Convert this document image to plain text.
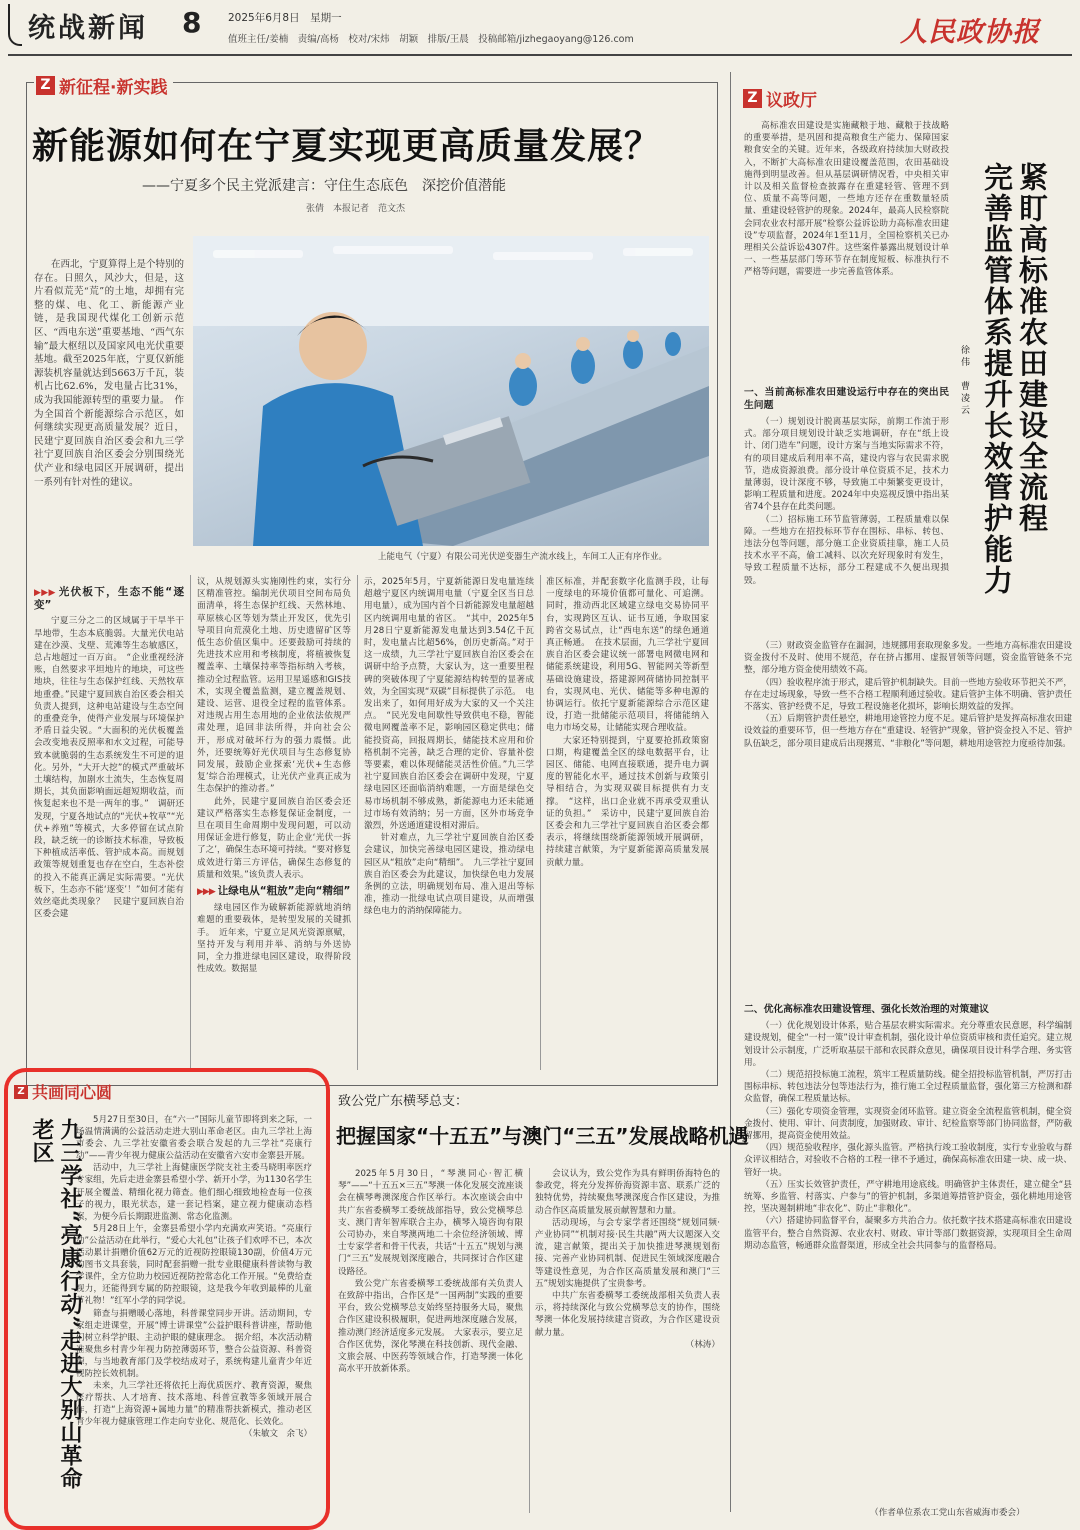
统战新闻 8	2025年6月8日　 星期一
值班主任/姜楠　责编/高杨　校对/宋炜　胡颖　排版/王晨　投稿邮箱/jizhegaoyang@126.com	人民政协报
Z 新征程·新实践
新能源如何在宁夏实现更高质量发展？
——宁夏多个民主党派建言：守住生态底色　深挖价值潜能
张倩　本报记者　范文杰

在西北，宁夏算得上是个特别的存在。日照久，风沙大，但是，这片看似荒芜“荒”的土地，却拥有完整的煤、电、化工、新能源产业链，是我国现代煤化工创新示范区、“西电东送”重要基地、“西气东输”最大枢纽以及国家风电光伏重要基地。截至2025年底，宁夏仅新能源装机容量就达到5663万千瓦，装机占比62.6%，发电量占比31%，成为我国能源转型的重要力量。　作为全国首个新能源综合示范区，如何继续实现更高质量发展？近日，民建宁夏回族自治区委会和九三学社宁夏回族自治区委会分别围绕光伏产业和绿电园区开展调研，提出一系列有针对性的建议。

上能电气（宁夏）有限公司光伏逆变器生产流水线上，车间工人正有序作业。
▶▶▶ 光伏板下，生态不能“逐变”

宁夏三分之二的区域属于干旱半干旱地带，生态本底脆弱。大量光伏电站建在沙漠、戈壁、荒滩等生态敏感区，总占地超过一百万亩。　“企业重视经济账，自然要求平坦地片的地块，可这些地块，往往与生态保护红线、天然牧草地重叠。”民建宁夏回族自治区委会相关负责人提到，这种电站建设与生态空间的重叠竞争，使得产业发展与环境保护矛盾日益尖锐。“大面积的光伏板覆盖会改变地表反照率和水文过程，可能导致本就脆弱的生态系统发生不可逆的退化。另外，“大开大挖”的模式严重破坏土壤结构，加剧水土流失，生态恢复周期长，其负面影响面远超短期收益，而恢复起来也不是一两年的事。”　调研还发现，宁夏各地试点的“光伏+牧草”“光伏+养殖”等模式，大多停留在试点阶段，缺乏统一的诊断技术标准，导致板下种植成活率低、管护成本高。而规划政策等规划重复也存在空白，生态补偿的投入不能真正满足实际需要。“光伏板下，生态亦不能‘逐变’！”如何才能有效丝毫此类现象？　民建宁夏回族自治区委会建

议，从规划源头实施刚性约束，实行分区精准管控。编制光伏项目空间布局负面清单，将生态保护红线、天然林地、草原核心区等划为禁止开发区，优先引导项目向荒漠化土地、历史遗留矿区等低生态价值区集中。还要鼓励可持续的先进技术应用和考核制度，将植被恢复覆盖率、土壤保持率等指标纳入考核，推动全过程监管。运用卫星遥感和GIS技术，实现全覆盖监测，建立覆盖规划、建设、运营、退役全过程的监管体系。对违规占用生态用地的企业依法依规严肃处理，追回非法所得，并向社会公开，形成对破坏行为的强力震慑。此外，还要统筹好光伏项目与生态修复协同发展，鼓励企业探索‘光伏+生态修复’综合治理模式，让光伏产业真正成为生态保护的推动者。”

此外，民建宁夏回族自治区委会还建议严格落实生态修复保证金制度，一旦在项目生命周期中发现问题，可以动用保证金进行修复，防止企业‘光伏一拆了之’，确保生态环境可持续。“要对修复成效进行第三方评估，确保生态修复的质量和效果。”该负责人表示。

▶▶▶ 让绿电从“粗放”走向“精细”

绿电园区作为破解新能源就地消纳难题的重要载体，是转型发展的关键抓手。　近年来，宁夏立足风光资源禀赋，坚持开发与利用并举、消纳与外送协同，全力推进绿电园区建设，取得阶段性成效。数据显

示，2025年5月，宁夏新能源日发电量连续超越宁夏区内统调用电量（宁夏全区当日总用电量），成为国内首个日新能源发电量超越区内统调用电量的省区。　“其中，2025年5月28日宁夏新能源发电量达到3.54亿千瓦时，发电量占比超56%，创历史新高。”对于这一成绩，九三学社宁夏回族自治区委会在调研中给予点赞，大家认为，这一重要里程碑的突破体现了宁夏能源结构转型的显著成效，为全国实现“双碳”目标提供了示范。　电发出来了，如何用好成为大家的又一个关注点。　“民光发电间歇性导致供电不稳，智能微电网覆盖率不足，影响园区稳定供电；储能投资高，回报周期长，储能技术应用和价格机制不完善，缺乏合理的定价、容量补偿等要素，难以体现储能灵活性价值。”九三学社宁夏回族自治区委会在调研中发现，宁夏绿电园区还面临消纳难题，一方面是绿色交易市场机制不够成熟，新能源电力还未能通过市场有效消纳；另一方面，区外市场竞争激烈，外送通道建设相对滞后。

针对难点，九三学社宁夏回族自治区委会建议，加快完善绿电园区建设，推动绿电园区从“粗放”走向“精细”。　九三学社宁夏回族自治区委会为此建议，加快绿色电力发展条例的立法，明确规划布局、准入退出等标准，推动一批绿电试点项目建设，从而增强绿色电力的消纳保障能力。

准区标准，并配套数字化监测手段，让每一度绿电的环境价值都可量化、可追溯。同时，推动西北区域建立绿电交易协同平台，实现跨区互认、证书互通，争取国家跨省交易试点，让“西电东送”的绿色通道真正畅通。　在技术层面，九三学社宁夏回族自治区委会建议统一部署电网微电网和储能系统建设，利用5G、智能网关等新型基础设施建设，搭建源网荷储协同控制平台，实现风电、光伏、储能等多种电源的协调运行。依托宁夏新能源综合示范区建设，打造一批储能示范项目，将储能纳入电力市场交易，让储能实现合理收益。

大家还特别提到，宁夏要抢抓政策窗口期，构建覆盖全区的绿电数据平台，让园区、储能、电网直接联通，提升电力调度的智能化水平，通过技术创新与政策引导相结合，为实现双碳目标提供有力支撑。　“这样，出口企业就不再承受双重认证的负担。”　采访中，民建宁夏回族自治区委会和九三学社宁夏回族自治区委会都表示，将继续围绕新能源领域开展调研，持续建言献策，为宁夏新能源高质量发展贡献力量。

Z 议政厅

高标准农田建设是实施藏粮于地、藏粮于技战略的重要举措，是巩固和提高粮食生产能力、保障国家粮食安全的关键。近年来，各级政府持续加大财政投入，不断扩大高标准农田建设覆盖范围，农田基础设施得到明显改善。但从基层调研情况看，中央相关审计以及相关监督检查披露存在重建轻管、管理不到位、质量不高等问题，一些地方还存在重数量轻质量、重建设轻管护的现象。2024年，最高人民检察院会同农业农村部开展“检察公益诉讼助力高标准农田建设”专项监督，2024年1至11月，全国检察机关已办理相关公益诉讼4307件。这些案件暴露出规划设计单一、一些基层部门等环节存在制度短板、标准执行不严格等问题，需要进一步完善监管体系。	紧盯高标准农田建设全流程
完善监管体系提升长效管护能力
徐伟　曹凌云
一、当前高标准农田建设运行中存在的突出民生问题

（一）规划设计脱离基层实际，前期工作流于形式。部分项目规划设计缺乏实地调研，存在“纸上设计、闭门造车”问题，设计方案与当地实际需求不符，有的项目建成后利用率不高，建设内容与农民需求脱节，造成资源浪费。部分设计单位资质不足，技术力量薄弱，设计深度不够，导致施工中频繁变更设计，影响工程质量和进度。2024年中央巡视反馈中指出某省74个县存在此类问题。

（二）招标施工环节监管薄弱，工程质量难以保障。一些地方在招投标环节存在围标、串标、转包、违法分包等问题，部分施工企业资质挂靠，施工人员技术水平不高，偷工减料、以次充好现象时有发生，导致工程质量不达标，部分工程建成不久便出现损毁。

（三）财政资金监管存在漏洞，违规挪用套取现象多发。一些地方高标准农田建设资金拨付不及时、使用不规范，存在挤占挪用、虚报冒领等问题，资金监管链条不完整，部分地方资金使用绩效不高。

（四）验收程序流于形式，建后管护机制缺失。目前一些地方验收环节把关不严，存在走过场现象，导致一些不合格工程顺利通过验收。建后管护主体不明确、管护责任不落实、管护经费不足，导致工程设施老化损坏，影响长期效益的发挥。

（五）后期管护责任悬空，耕地用途管控力度不足。建后管护是发挥高标准农田建设效益的重要环节，但一些地方存在“重建设、轻管护”现象，管护资金投入不足、管护队伍缺乏，部分项目建成后出现撂荒、“非粮化”等问题，耕地用途管控力度亟待加强。

二、优化高标准农田建设管理、强化长效治理的对策建议

（一）优化规划设计体系，贴合基层农耕实际需求。充分尊重农民意愿，科学编制建设规划，健全“一村一策”设计审查机制，强化设计单位资质审核和责任追究。建立规划设计公示制度，广泛听取基层干部和农民群众意见，确保项目设计科学合理、务实管用。

（二）规范招投标施工流程，筑牢工程质量防线。健全招投标监管机制，严厉打击围标串标、转包违法分包等违法行为，推行施工全过程质量监督，强化第三方检测和群众监督，确保工程质量达标。

（三）强化专项资金管理，实现资金闭环监管。建立资金全流程监管机制，健全资金拨付、使用、审计、问责制度，加强财政、审计、纪检监察等部门协同监督，严防截留挪用，提高资金使用效益。

（四）规范验收程序，强化源头监管。严格执行竣工验收制度，实行专业验收与群众评议相结合，对验收不合格的工程一律不予通过，确保高标准农田建一块、成一块、管好一块。

（五）压实长效管护责任，严守耕地用途底线。明确管护主体责任，建立健全“县统筹、乡监管、村落实、户参与”的管护机制，多渠道筹措管护资金，强化耕地用途管控，坚决遏制耕地“非农化”、防止“非粮化”。

（六）搭建协同监督平台，凝聚多方共治合力。依托数字技术搭建高标准农田建设监管平台，整合自然资源、农业农村、财政、审计等部门数据资源，实现项目全生命周期动态监管，畅通群众监督渠道，形成全社会共同参与的监督格局。

（作者单位系农工党山东省威海市委会）
Z 共画同心圆
九三学社“亮康行动”走进大别山革命老区	5月27日至30日，在“六一”国际儿童节即将到来之际，一场温情满满的公益活动走进大别山革命老区。由九三学社上海市委会、九三学社安徽省委会联合发起的九三学社“亮康行动”——青少年视力健康公益活动在安徽省六安市金寨县开展。

活动中，九三学社上海健康医学院支社主委马晓明率医疗专家组，先后走进金寨县希望小学、新开小学，为1130名学生开展全覆盖、精细化视力筛查。他们细心细致地检查每一位孩子的视力，眼光状态，建一套记档案，建立视力健康动态档案，为便今后长期跟进监测、常态化监测。

5月28日上午，金寨县希望小学内充满欢声笑语。“亮康行动”公益活动在此举行，“爱心大礼包”让孩子们欢呼不已，本次活动累计捐赠价值62万元的近视防控眼镜130副，价值4万元的图书文具套装，同时配套捐赠一批专业眼健康科普读物与教学课件，全方位助力校园近视防控常态化工作开展。“免费给查视力，还能得到专属的防控眼镜，这是我今年收到最棒的儿童节礼物！”红军小学的同学说。

筛查与捐赠暖心落地，科普课堂同步开讲。活动期间，专家组走进课堂，开展“博士讲课堂”公益护眼科普讲座，帮助他们树立科学护眼、主动护眼的健康理念。　据介绍，本次活动精准聚焦乡村青少年视力防控薄弱环节，整合公益资源、科普资源，与当地教育部门及学校结成对子，系统构建儿童青少年近视防控长效机制。

未来，九三学社还将依托上海优质医疗、教育资源，聚焦医疗帮扶、人才培育、技术落地、科普宣教等多领域开展合作，打造“上海资源+属地力量”的精准帮扶新模式，推动老区青少年视力健康管理工作走向专业化、规范化、长效化。

（朱敏文　余飞）

致公党广东横琴总支：
把握国家“十五五”与澳门“三五”发展战略机遇

2025年5月30日，“琴澳同心·智汇横琴”——“十五五×三五”琴澳一体化发展交流座谈会在横琴粤澳深度合作区举行。本次座谈会由中共广东省委横琴工委统战部指导，致公党横琴总支、澳门青年智库联合主办，横琴入境咨询有限公司协办，来自琴澳两地二十余位经济领域、博士专家学者和骨干代表，共话“十五五”规划与澳门“三五”发展规划深度融合，共同探讨合作区建设路径。

致公党广东省委横琴工委统战部有关负责人在致辞中指出，合作区是“一国两制”实践的重要平台，致公党横琴总支始终坚持服务大局，聚焦合作区建设积极履职，促进两地深度融合发展，推动澳门经济适度多元发展。　大家表示，要立足合作区优势，深化琴澳在科技创新、现代金融、文旅会展、中医药等领域合作，打造琴澳一体化高水平开放新体系。

会议认为，致公党作为具有鲜明侨海特色的参政党，将充分发挥侨海资源丰富、联系广泛的独特优势，持续聚焦琴澳深度合作区建设，为推动合作区高质量发展贡献智慧和力量。

活动现场，与会专家学者还围绕“规划同频·产业协同”“机制对接·民生共融”两大议题深入交流，建言献策，提出关于加快推进琴澳规划衔接、完善产业协同机制、促进民生领域深度融合等建设性意见，为合作区高质量发展和澳门“三五”规划实施提供了宝贵参考。

中共广东省委横琴工委统战部相关负责人表示，将持续深化与致公党横琴总支的协作，围绕琴澳一体化发展持续建言资政，为合作区建设贡献力量。

（林涛）
